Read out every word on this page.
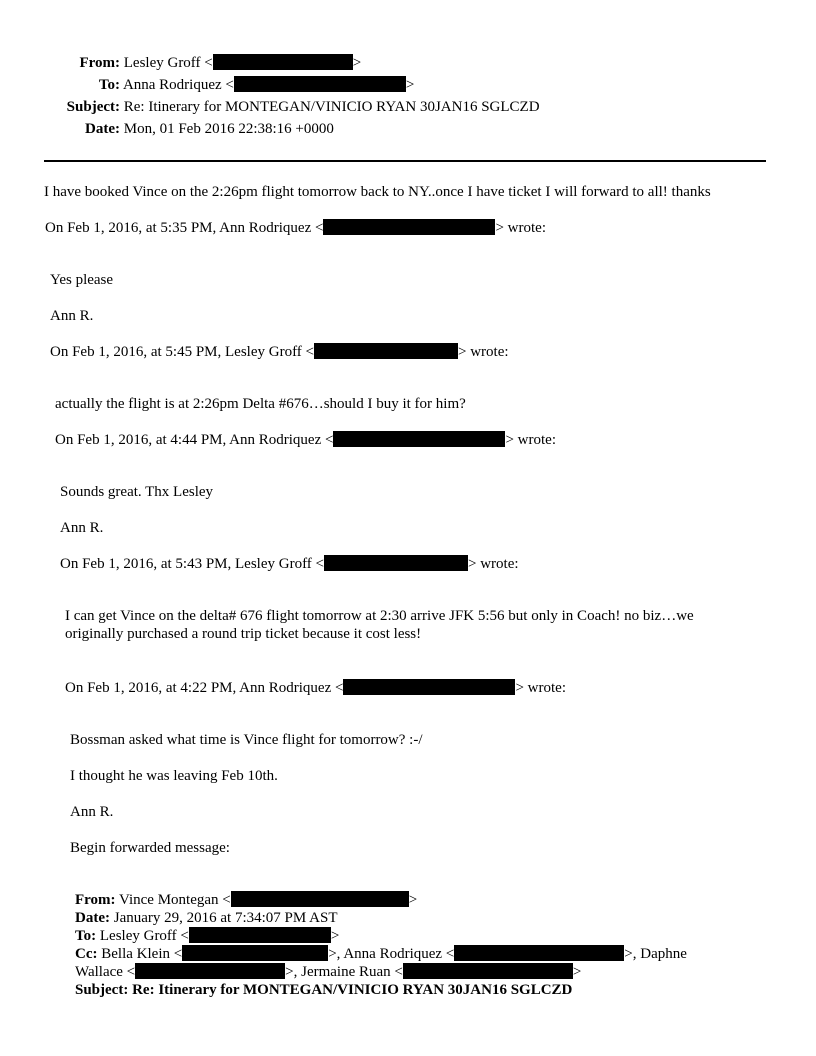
From: Lesley Groff <	>
To: Anna Rodriquez <	>
Subject: Re: Itinerary for MONTEGAN/VINICIO RYAN 30JAN16 SGLCZD
Date: Mon, 01 Feb 2016 22:38:16 +0000
I have booked Vince on the 2:26pm flight tomorrow back to NY..once I have ticket I will forward to all! thanks
On Feb 1, 2016, at 5:35 PM, Ann Rodriquez <	> wrote:
Yes please
Ann R.
On Feb 1, 2016, at 5:45 PM, Lesley Groff <	> wrote:
actually the flight is at 2:26pm Delta #676…should I buy it for him?
On Feb 1, 2016, at 4:44 PM, Ann Rodriquez <	> wrote:
Sounds great. Thx Lesley
Ann R.
On Feb 1, 2016, at 5:43 PM, Lesley Groff <	> wrote:
I can get Vince on the delta# 676 flight tomorrow at 2:30 arrive JFK 5:56 but only in Coach! no biz…we
originally purchased a round trip ticket because it cost less!
On Feb 1, 2016, at 4:22 PM, Ann Rodriquez <	> wrote:
Bossman asked what time is Vince flight for tomorrow? :-/
I thought he was leaving Feb 10th.
Ann R.
Begin forwarded message:
From: Vince Montegan <	>
Date: January 29, 2016 at 7:34:07 PM AST
To: Lesley Groff <	>
Cc: Bella Klein <	>, Anna Rodriquez <	>, Daphne
Wallace <	>, Jermaine Ruan <	>
Subject: Re: Itinerary for MONTEGAN/VINICIO RYAN 30JAN16 SGLCZD
